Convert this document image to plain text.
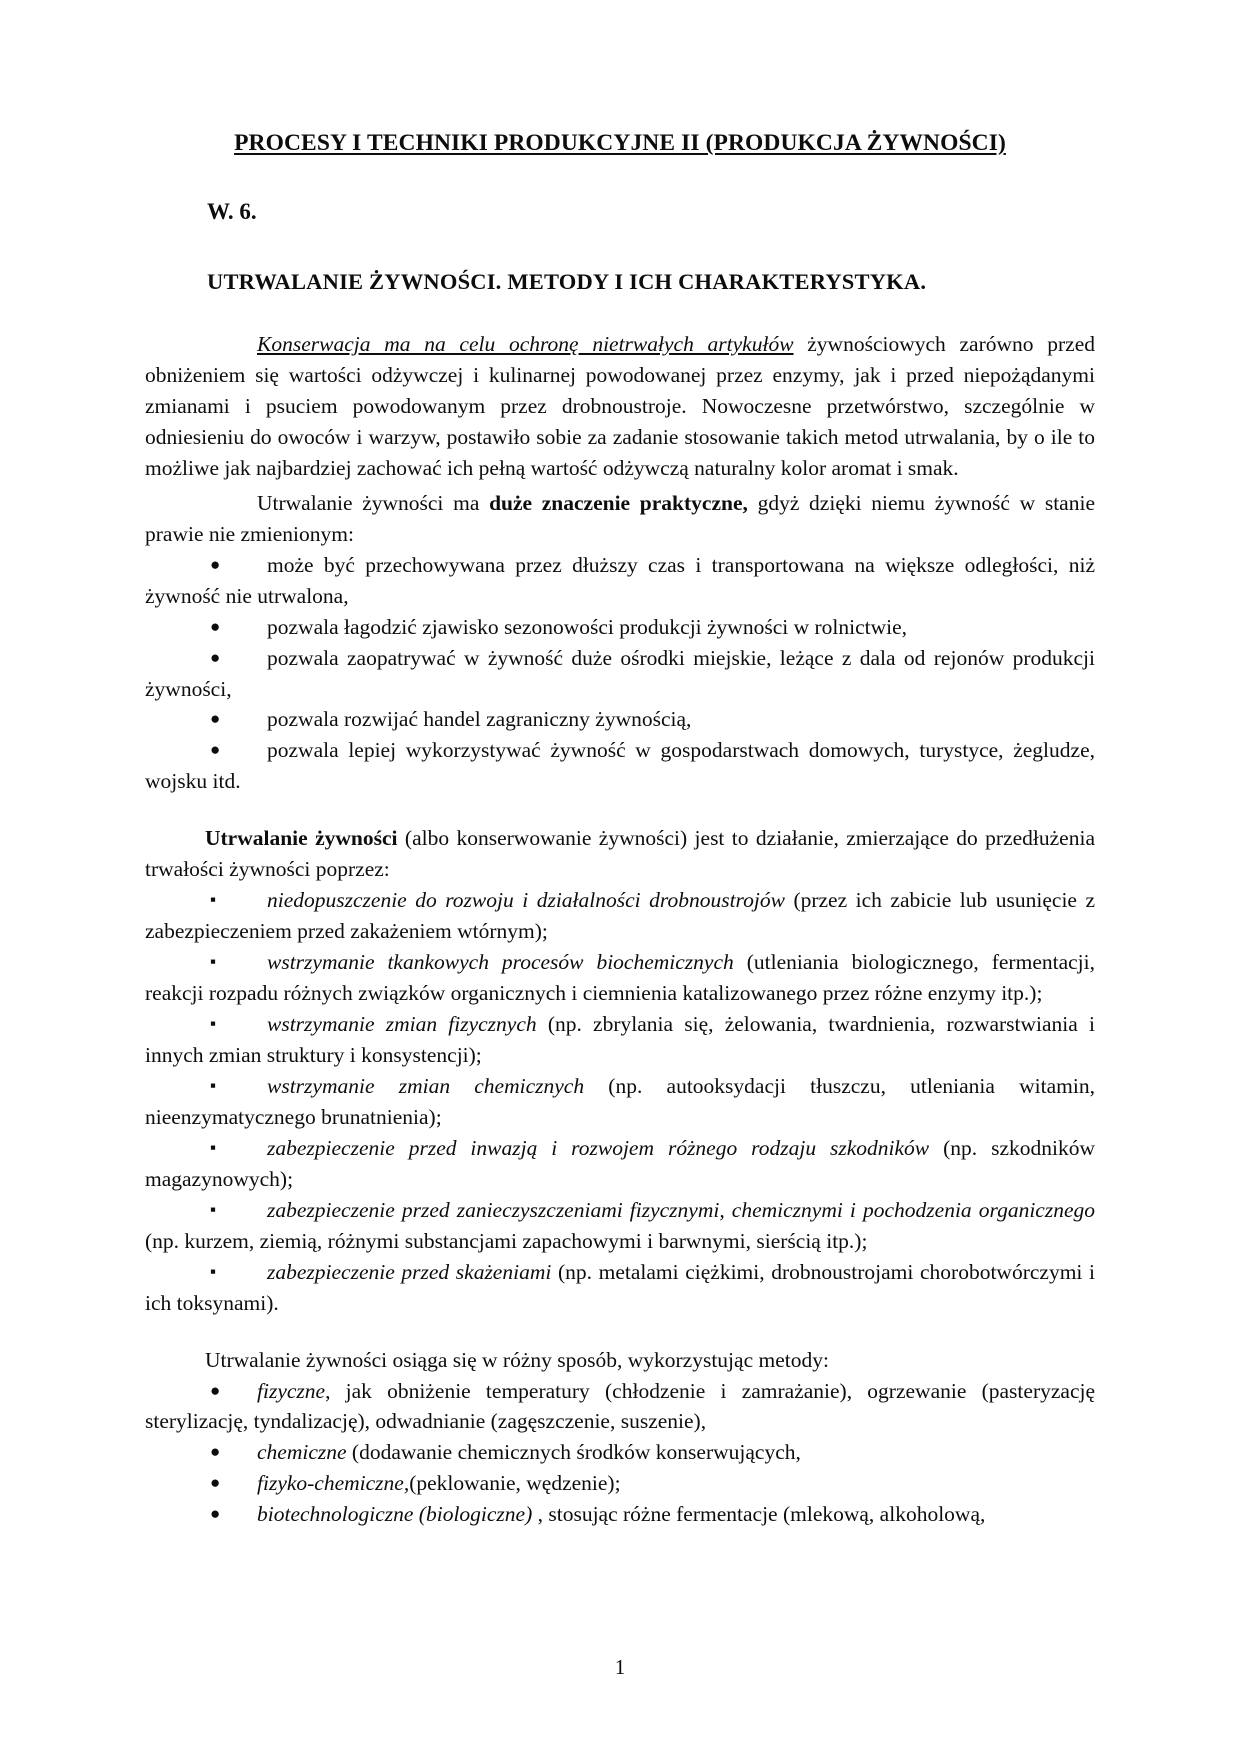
PROCESY I TECHNIKI PRODUKCYJNE II (PRODUKCJA ŻYWNOŚCI)
W. 6.
UTRWALANIE ŻYWNOŚCI. METODY I ICH CHARAKTERYSTYKA.

Konserwacja ma na celu ochronę nietrwałych artykułów żywnościowych zarówno przed obniżeniem się wartości odżywczej i kulinarnej powodowanej przez enzymy, jak i przed niepożądanymi zmianami i psuciem powodowanym przez drobnoustroje. Nowoczesne przetwórstwo, szczególnie w odniesieniu do owoców i warzyw, postawiło sobie za zadanie stosowanie takich metod utrwalania, by o ile to możliwe jak najbardziej zachować ich pełną wartość odżywczą naturalny kolor aromat i smak.

Utrwalanie żywności ma duże znaczenie praktyczne, gdyż dzięki niemu żywność w stanie prawie nie zmienionym:

● może być przechowywana przez dłuższy czas i transportowana na większe odległości, niż żywność nie utrwalona,

● pozwala łagodzić zjawisko sezonowości produkcji żywności w rolnictwie,

● pozwala zaopatrywać w żywność duże ośrodki miejskie, leżące z dala od rejonów produkcji żywności,

● pozwala rozwijać handel zagraniczny żywnością,

● pozwala lepiej wykorzystywać żywność w gospodarstwach domowych, turystyce, żegludze, wojsku itd.

Utrwalanie żywności (albo konserwowanie żywności) jest to działanie, zmierzające do przedłużenia trwałości żywności poprzez:

▪ niedopuszczenie do rozwoju i działalności drobnoustrojów (przez ich zabicie lub usunięcie z zabezpieczeniem przed zakażeniem wtórnym);

▪ wstrzymanie tkankowych procesów biochemicznych (utleniania biologicznego, fermentacji, reakcji rozpadu różnych związków organicznych i ciemnienia katalizowanego przez różne enzymy itp.);

▪ wstrzymanie zmian fizycznych (np. zbrylania się, żelowania, twardnienia, rozwarstwiania i innych zmian struktury i konsystencji);

▪ wstrzymanie zmian chemicznych (np. autooksydacji tłuszczu, utleniania witamin, nieenzymatycznego brunatnienia);

▪ zabezpieczenie przed inwazją i rozwojem różnego rodzaju szkodników (np. szkodników magazynowych);

▪ zabezpieczenie przed zanieczyszczeniami fizycznymi, chemicznymi i pochodzenia organicznego (np. kurzem, ziemią, różnymi substancjami zapachowymi i barwnymi, sierścią itp.);

▪ zabezpieczenie przed skażeniami (np. metalami ciężkimi, drobnoustrojami chorobotwórczymi i ich toksynami).

Utrwalanie żywności osiąga się w różny sposób, wykorzystując metody:

● fizyczne, jak obniżenie temperatury (chłodzenie i zamrażanie), ogrzewanie (pasteryzację sterylizację, tyndalizację), odwadnianie (zagęszczenie, suszenie),

● chemiczne (dodawanie chemicznych środków konserwujących,

● fizyko-chemiczne,(peklowanie, wędzenie);

● biotechnologiczne (biologiczne) , stosując różne fermentacje (mlekową, alkoholową,

1
